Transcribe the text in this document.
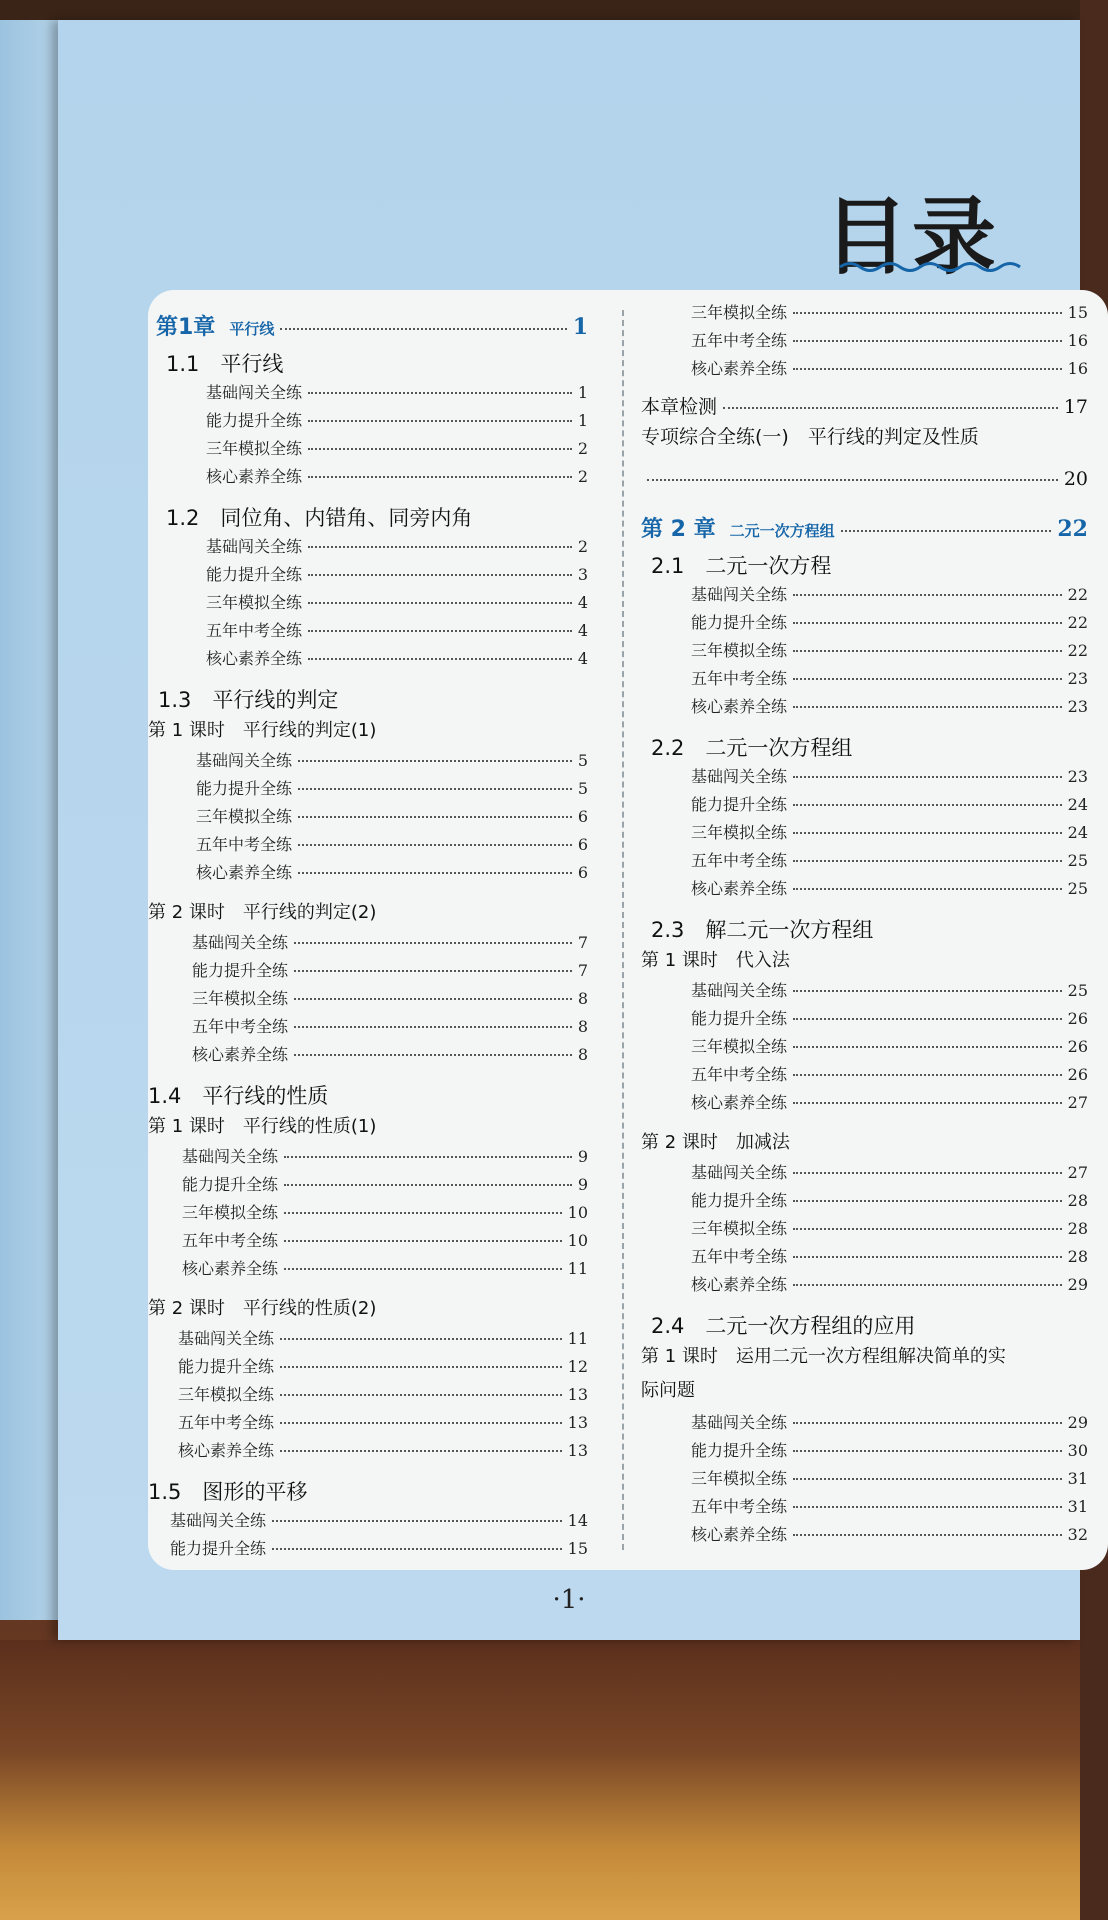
目录
第1章 平行线	1
1.1　平行线
基础闯关全练	1
能力提升全练	1
三年模拟全练	2
核心素养全练	2
1.2　同位角、内错角、同旁内角
基础闯关全练	2
能力提升全练	3
三年模拟全练	4
五年中考全练	4
核心素养全练	4
1.3　平行线的判定
第 1 课时　平行线的判定(1)
基础闯关全练	5
能力提升全练	5
三年模拟全练	6
五年中考全练	6
核心素养全练	6
第 2 课时　平行线的判定(2)
基础闯关全练	7
能力提升全练	7
三年模拟全练	8
五年中考全练	8
核心素养全练	8
1.4　平行线的性质
第 1 课时　平行线的性质(1)
基础闯关全练	9
能力提升全练	9
三年模拟全练	10
五年中考全练	10
核心素养全练	11
第 2 课时　平行线的性质(2)
基础闯关全练	11
能力提升全练	12
三年模拟全练	13
五年中考全练	13
核心素养全练	13
1.5　图形的平移
基础闯关全练	14
能力提升全练	15
三年模拟全练	15
五年中考全练	16
核心素养全练	16
本章检测	17
专项综合全练(一)　平行线的判定及性质
20
第 2 章 二元一次方程组	22
2.1　二元一次方程
基础闯关全练	22
能力提升全练	22
三年模拟全练	22
五年中考全练	23
核心素养全练	23
2.2　二元一次方程组
基础闯关全练	23
能力提升全练	24
三年模拟全练	24
五年中考全练	25
核心素养全练	25
2.3　解二元一次方程组
第 1 课时　代入法
基础闯关全练	25
能力提升全练	26
三年模拟全练	26
五年中考全练	26
核心素养全练	27
第 2 课时　加减法
基础闯关全练	27
能力提升全练	28
三年模拟全练	28
五年中考全练	28
核心素养全练	29
2.4　二元一次方程组的应用
第 1 课时　运用二元一次方程组解决简单的实
际问题
基础闯关全练	29
能力提升全练	30
三年模拟全练	31
五年中考全练	31
核心素养全练	32
·1·
